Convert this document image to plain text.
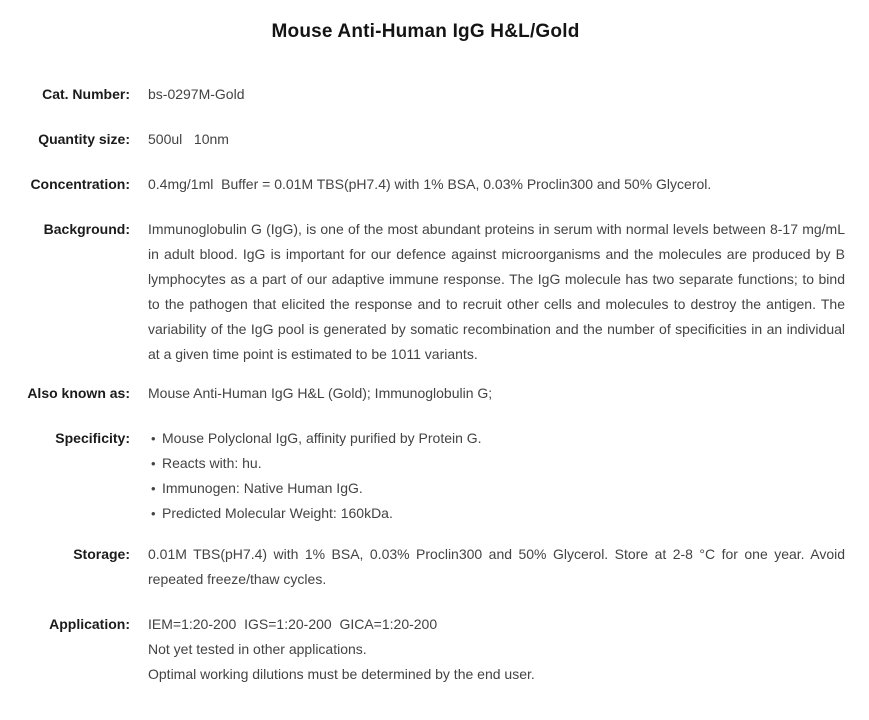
Mouse Anti-Human IgG H&L/Gold
Cat. Number: bs-0297M-Gold
Quantity size: 500ul   10nm
Concentration: 0.4mg/1ml  Buffer = 0.01M TBS(pH7.4) with 1% BSA, 0.03% Proclin300 and 50% Glycerol.
Background: Immunoglobulin G (IgG), is one of the most abundant proteins in serum with normal levels between 8-17 mg/mL in adult blood. IgG is important for our defence against microorganisms and the molecules are produced by B lymphocytes as a part of our adaptive immune response. The IgG molecule has two separate functions; to bind to the pathogen that elicited the response and to recruit other cells and molecules to destroy the antigen. The variability of the IgG pool is generated by somatic recombination and the number of specificities in an individual at a given time point is estimated to be 1011 variants.
Also known as: Mouse Anti-Human IgG H&L (Gold); Immunoglobulin G;
Specificity: • Mouse Polyclonal IgG, affinity purified by Protein G.
•
Reacts with: hu.
•
Immunogen: Native Human IgG.
•
Predicted Molecular Weight: 160kDa.
Storage: 0.01M TBS(pH7.4) with 1% BSA, 0.03% Proclin300 and 50% Glycerol. Store at 2-8 °C for one year. Avoid repeated freeze/thaw cycles.
Application: IEM=1:20-200  IGS=1:20-200  GICA=1:20-200
Not yet tested in other applications.
Optimal working dilutions must be determined by the end user.
